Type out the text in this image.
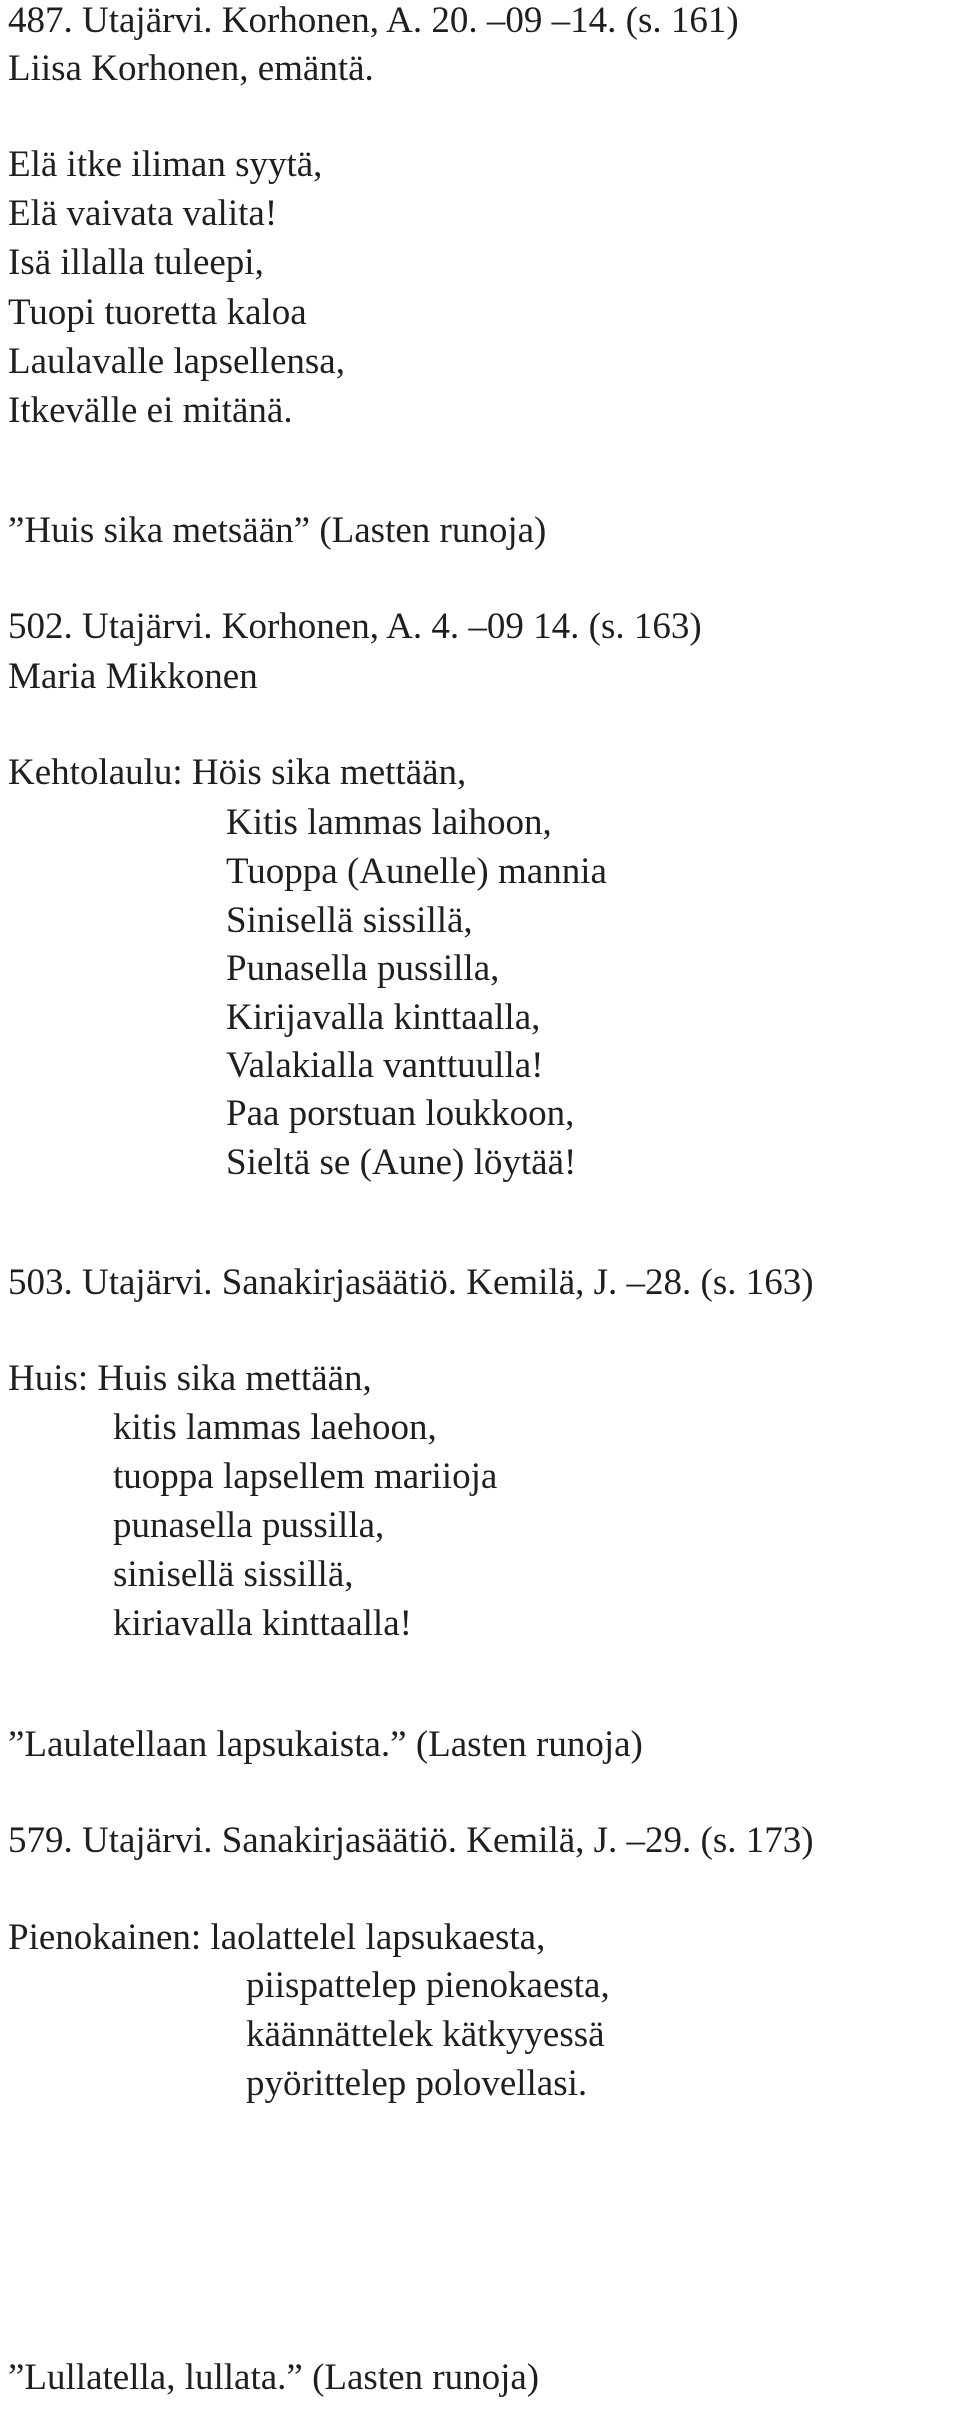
487. Utajärvi. Korhonen, A. 20. –09 –14. (s. 161)
Liisa Korhonen, emäntä.
Elä itke iliman syytä,
Elä vaivata valita!
Isä illalla tuleepi,
Tuopi tuoretta kaloa
Laulavalle lapsellensa,
Itkevälle ei mitänä.
”Huis sika metsään” (Lasten runoja)
502. Utajärvi. Korhonen, A. 4. –09 14. (s. 163)
Maria Mikkonen
Kehtolaulu: Höis sika mettään,
Kitis lammas laihoon,
Tuoppa (Aunelle) mannia
Sinisellä sissillä,
Punasella pussilla,
Kirijavalla kinttaalla,
Valakialla vanttuulla!
Paa porstuan loukkoon,
Sieltä se (Aune) löytää!
503. Utajärvi. Sanakirjasäätiö. Kemilä, J. –28. (s. 163)
Huis: Huis sika mettään,
kitis lammas laehoon,
tuoppa lapsellem mariioja
punasella pussilla,
sinisellä sissillä,
kiriavalla kinttaalla!
”Laulatellaan lapsukaista.” (Lasten runoja)
579. Utajärvi. Sanakirjasäätiö. Kemilä, J. –29. (s. 173)
Pienokainen: laolattelel lapsukaesta,
piispattelep pienokaesta,
käännättelek kätkyyessä
pyörittelep polovellasi.
”Lullatella, lullata.” (Lasten runoja)
